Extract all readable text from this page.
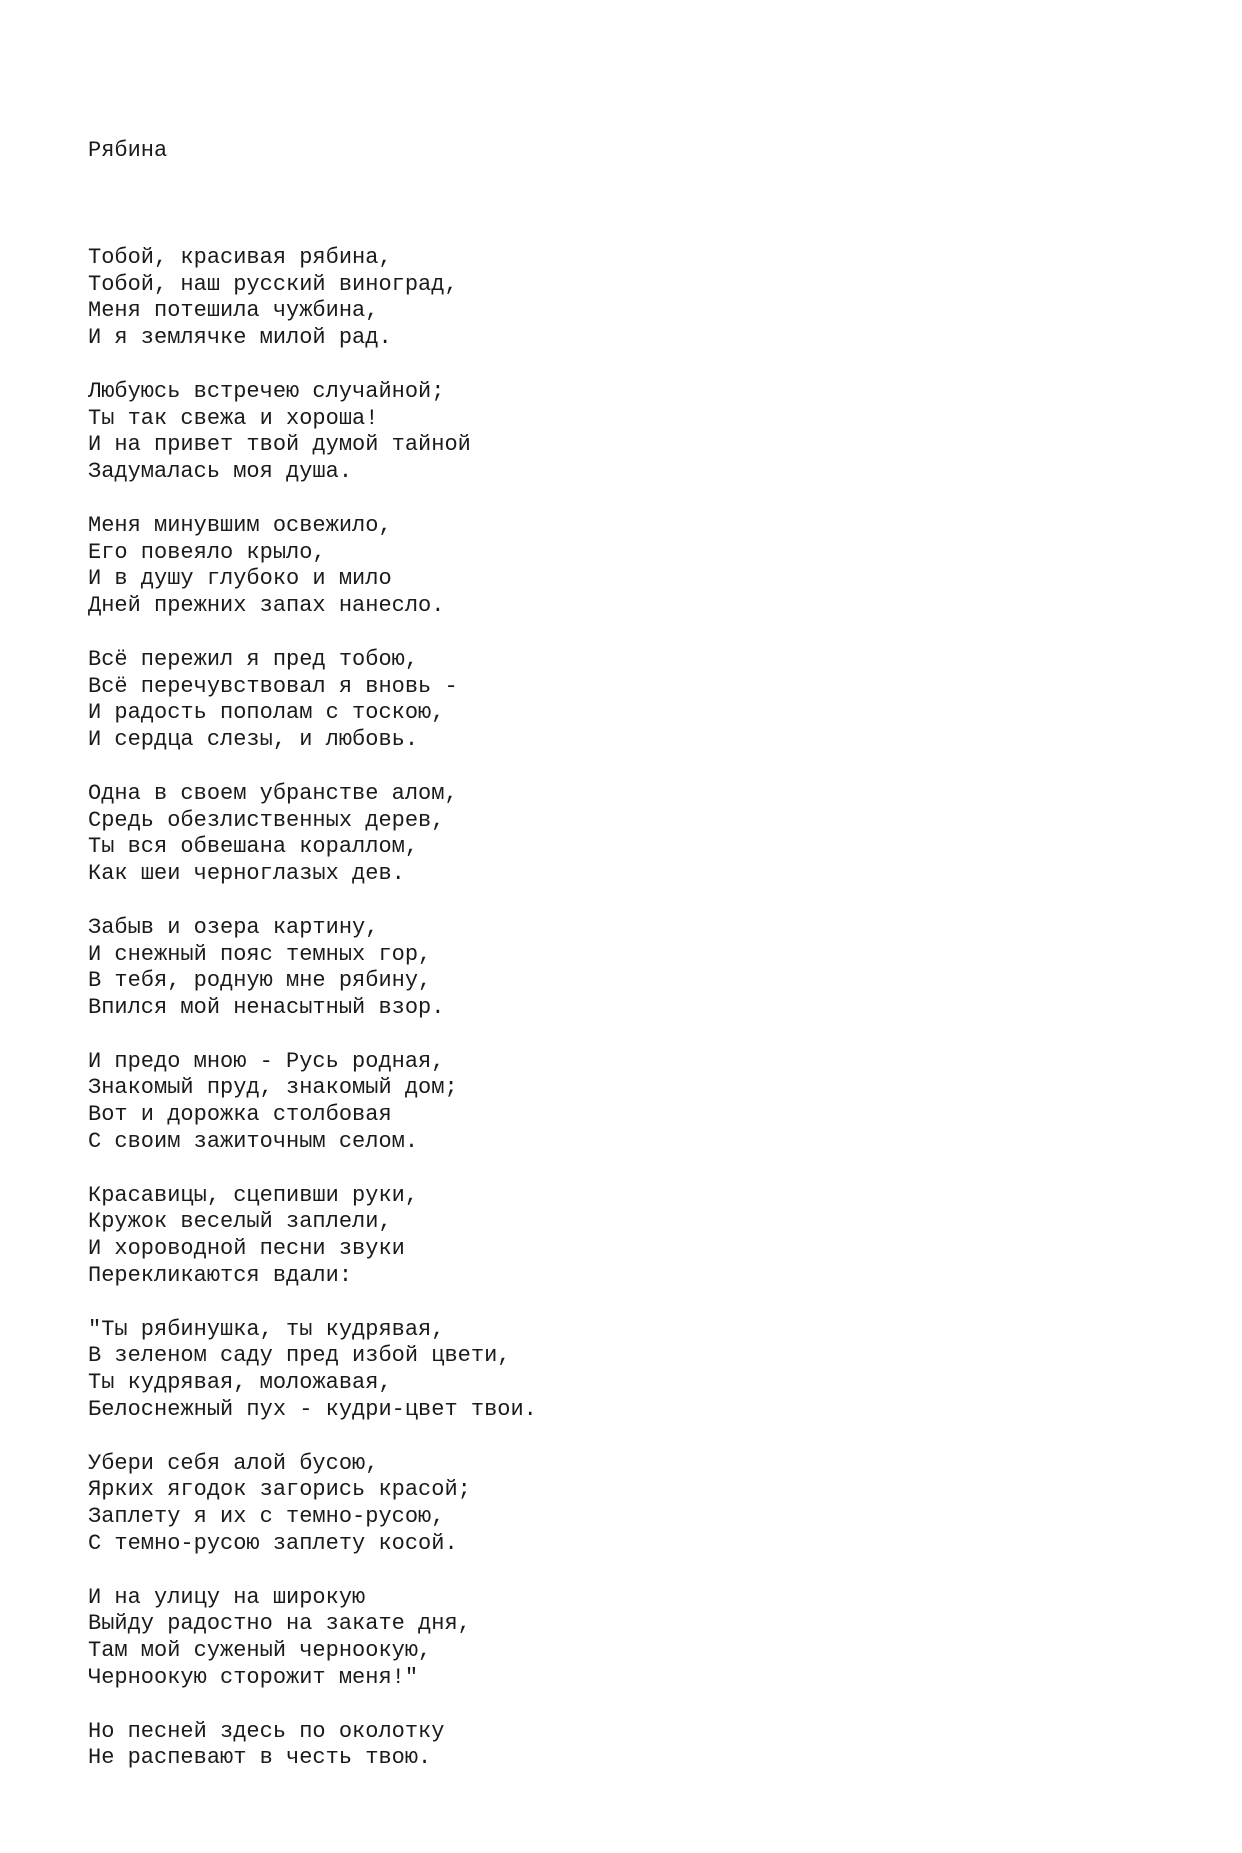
Рябина

Тобой, красивая рябина,
Тобой, наш русский виноград,
Меня потешила чужбина,
И я землячке милой рад.
Любуюсь встречею случайной;
Ты так свежа и хороша!
И на привет твой думой тайной
Задумалась моя душа.
Меня минувшим освежило,
Его повеяло крыло,
И в душу глубоко и мило
Дней прежних запах нанесло.
Всё пережил я пред тобою,
Всё перечувствовал я вновь -
И радость пополам с тоскою,
И сердца слезы, и любовь.
Одна в своем убранстве алом,
Средь обезлиственных дерев,
Ты вся обвешана кораллом,
Как шеи черноглазых дев.
Забыв и озера картину,
И снежный пояс темных гор,
В тебя, родную мне рябину,
Впился мой ненасытный взор.
И предо мною - Русь родная,
Знакомый пруд, знакомый дом;
Вот и дорожка столбовая
С своим зажиточным селом.
Красавицы, сцепивши руки,
Кружок веселый заплели,
И хороводной песни звуки
Перекликаются вдали:
"Ты рябинушка, ты кудрявая,
В зеленом саду пред избой цвети,
Ты кудрявая, моложавая,
Белоснежный пух - кудри-цвет твои.
Убери себя алой бусою,
Ярких ягодок загорись красой;
Заплету я их с темно-русою,
С темно-русою заплету косой.
И на улицу на широкую
Выйду радостно на закате дня,
Там мой суженый черноокую,
Черноокую сторожит меня!"
Но песней здесь по околотку
Не распевают в честь твою.
